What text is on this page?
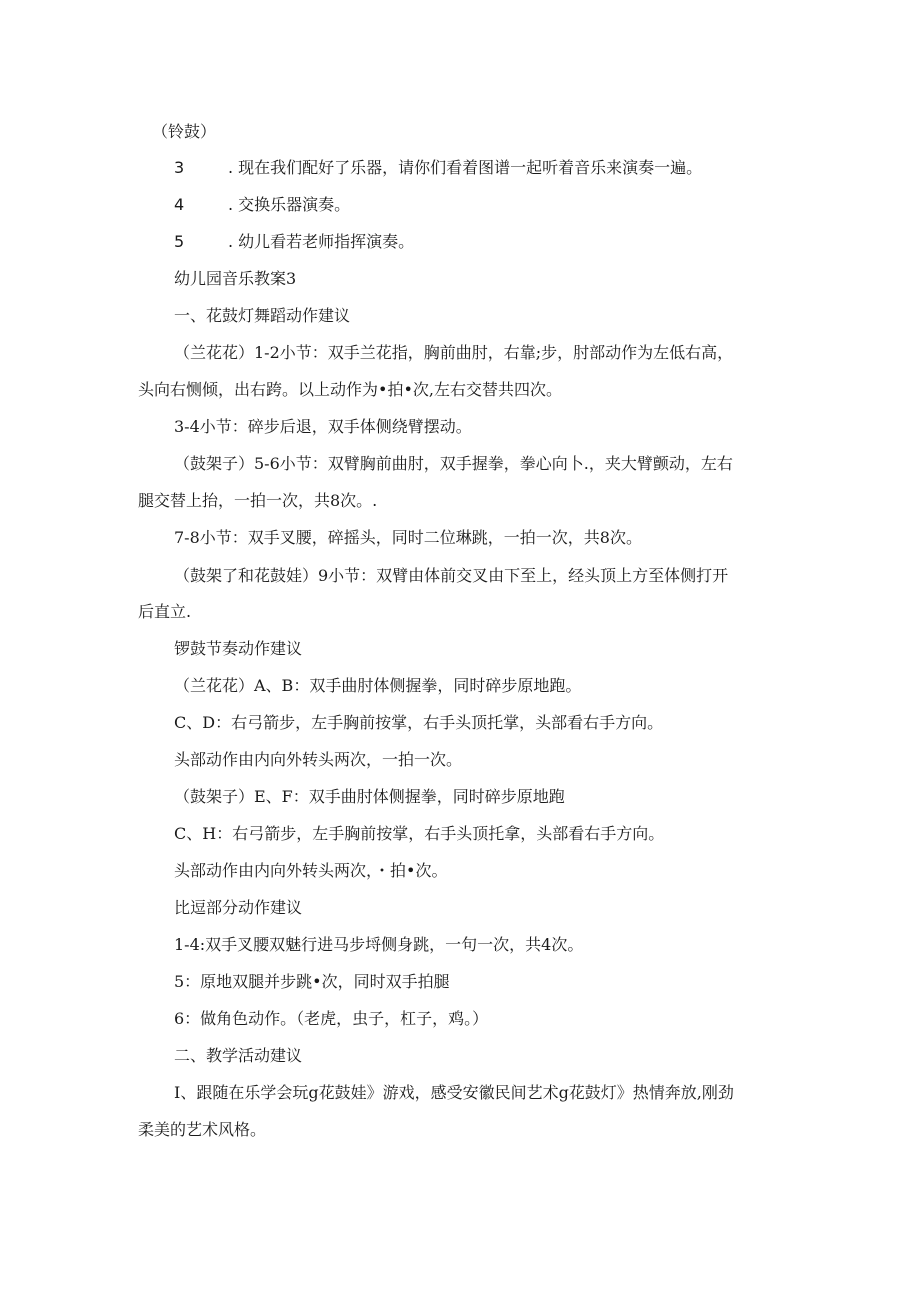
（铃鼓）
3	. 现在我们配好了乐器，请你们看着图谱一起听着音乐来演奏一遍。
4	. 交换乐器演奏。
5	. 幼儿看若老师指挥演奏。
幼儿园音乐教案3
一、花鼓灯舞蹈动作建议
（兰花花）1-2小节：双手兰花指，胸前曲肘，右靠;步，肘部动作为左低右高，
头向右恻倾，出右跨。以上动作为•拍•次,左右交替共四次。
3-4小节：碎步后退，双手体侧绕臂摆动。
（鼓架子）5-6小节：双臂胸前曲肘，双手握拳，拳心向卜.，夹大臂颤动，左右
腿交替上抬，一拍一次，共8次。.
7-8小节：双手叉腰，碎摇头，同时二位琳跳，一拍一次，共8次。
（鼓架了和花鼓娃）9小节：双臂由体前交叉由下至上，经头顶上方至体侧打开
后直立.
锣鼓节奏动作建议
（兰花花）A、B：双手曲肘体侧握拳，同时碎步原地跑。
C、D：右弓箭步，左手胸前按掌，右手头顶托掌，头部看右手方向。
头部动作由内向外转头两次，一拍一次。
（鼓架子）E、F：双手曲肘体侧握拳，同时碎步原地跑
C、H：右弓箭步，左手胸前按掌，右手头顶托拿，头部看右手方向。
头部动作由内向外转头两次，・拍•次。
比逗部分动作建议
1-4:双手叉腰双魅行进马步埒侧身跳，一句一次，共4次。
5：原地双腿并步跳•次，同时双手拍腿
6：做角色动作。（老虎，虫子，杠子，鸡。）
二、教学活动建议
I、跟随在乐学会玩g花鼓娃》游戏，感受安徽民间艺术g花鼓灯》热情奔放,刚劲
柔美的艺术风格。
